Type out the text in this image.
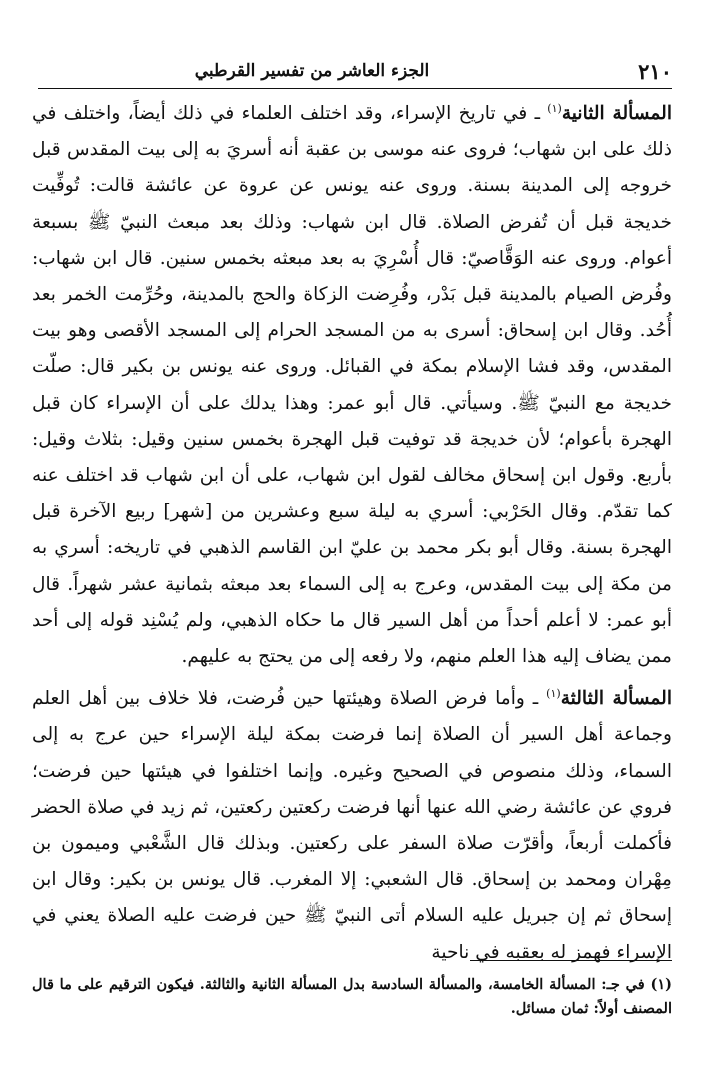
٢١٠
الجزء العاشر من تفسير القرطبي

المسألة الثانية$^{(١)}$ ـ في تاريخ الإسراء، وقد اختلف العلماء في ذلك أيضاً، واختلف في ذلك على ابن شهاب؛ فروى عنه موسى بن عقبة أنه أسريَ به إلى بيت المقدس قبل خروجه إلى المدينة بسنة. وروى عنه يونس عن عروة عن عائشة قالت: تُوفِّيت خديجة قبل أن تُفرض الصلاة. قال ابن شهاب: وذلك بعد مبعث النبيّ ﷺ بسبعة أعوام. وروى عنه الوَقَّاصيّ: قال أُسْرِيَ به بعد مبعثه بخمس سنين. قال ابن شهاب: وفُرض الصيام بالمدينة قبل بَدْر، وفُرِضت الزكاة والحج بالمدينة، وحُرِّمت الخمر بعد أُحُد. وقال ابن إسحاق: أسرى به من المسجد الحرام إلى المسجد الأقصى وهو بيت المقدس، وقد فشا الإسلام بمكة في القبائل. وروى عنه يونس بن بكير قال: صلّت خديجة مع النبيّ ﷺ. وسيأتي. قال أبو عمر: وهذا يدلك على أن الإسراء كان قبل الهجرة بأعوام؛ لأن خديجة قد توفيت قبل الهجرة بخمس سنين وقيل: بثلاث وقيل: بأربع. وقول ابن إسحاق مخالف لقول ابن شهاب، على أن ابن شهاب قد اختلف عنه كما تقدّم. وقال الحَرْبي: أسري به ليلة سبع وعشرين من [شهر] ربيع الآخرة قبل الهجرة بسنة. وقال أبو بكر محمد بن عليّ ابن القاسم الذهبي في تاريخه: أسري به من مكة إلى بيت المقدس، وعرج به إلى السماء بعد مبعثه بثمانية عشر شهراً. قال أبو عمر: لا أعلم أحداً من أهل السير قال ما حكاه الذهبي، ولم يُسْنِد قوله إلى أحد ممن يضاف إليه هذا العلم منهم، ولا رفعه إلى من يحتج به عليهم.

المسألة الثالثة$^{(١)}$ ـ وأما فرض الصلاة وهيئتها حين فُرضت، فلا خلاف بين أهل العلم وجماعة أهل السير أن الصلاة إنما فرضت بمكة ليلة الإسراء حين عرج به إلى السماء، وذلك منصوص في الصحيح وغيره. وإنما اختلفوا في هيئتها حين فرضت؛ فروي عن عائشة رضي الله عنها أنها فرضت ركعتين ركعتين، ثم زيد في صلاة الحضر فأكملت أربعاً، وأقرّت صلاة السفر على ركعتين. وبذلك قال الشَّعْبي وميمون بن مِهْران ومحمد بن إسحاق. قال الشعبي: إلا المغرب. قال يونس بن بكير: وقال ابن إسحاق ثم إن جبريل عليه السلام أتى النبيّ ﷺ حين فرضت عليه الصلاة يعني في الإسراء فهمز له بعقبه في ناحية

(١) في جـ: المسألة الخامسة، والمسألة السادسة بدل المسألة الثانية والثالثة. فيكون الترقيم على ما قال المصنف أولاً: ثمان مسائل.
